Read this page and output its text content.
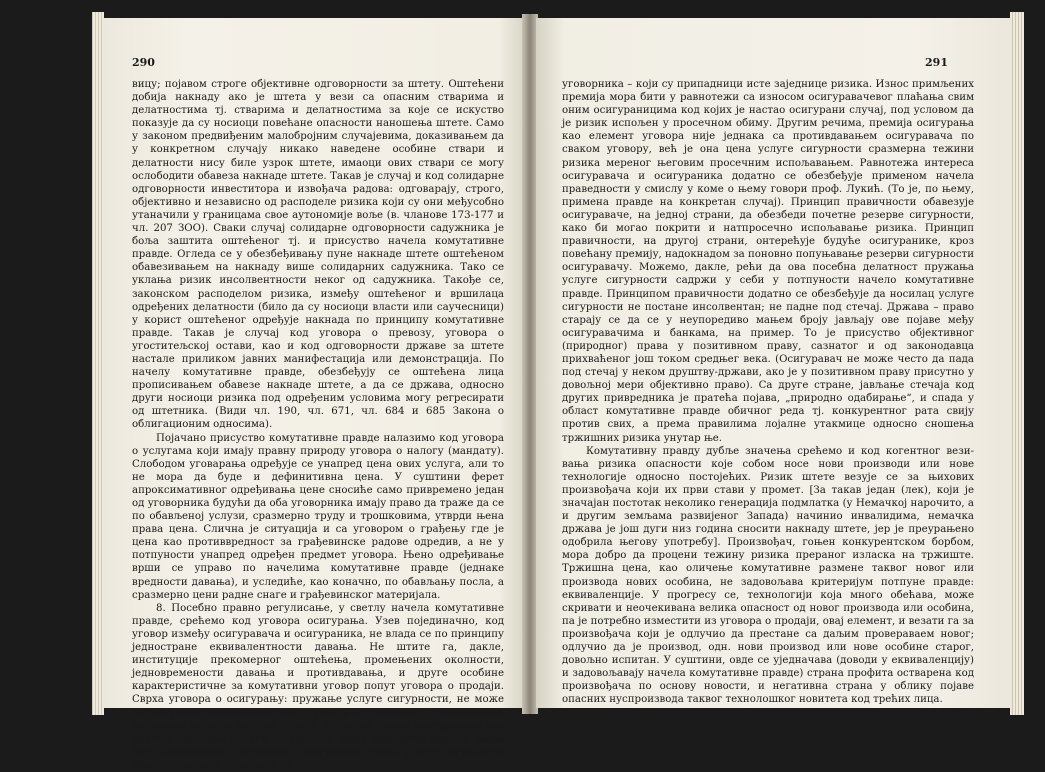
290

вицу; појавом строге објективне одговорности за штету. Оштећени добија накнаду ако је штета у вези са опасним стварима и делатностима тј. стварима и делатностима за које се искуство показује да су носиоци повећане опасности наношења штете. Само у законом предвиђеним малобројним случајевима, доказивањем да у конкретном случају никако наведене особине ствари и делатности нису биле узрок штете, имаоци ових ствари се могу ослободити обавеза накнаде штете. Такав је случај и код солидарне одговорности инвеститора и извођача радова: одговарају, строго, објективно и независно од расподеле ризика који су они међусобно утаначили у границама свое аутономије воље (в. чланове 173-177 и чл. 207 ЗОО). Сваки случај солидарне одговорности садужника је боља заштита оштећеног тј. и присуство начела комутативне правде. Огледа се у обезбеђивању пуне накнаде штете оштећеном обавезивањем на накнаду више солидарних садужника. Тако се уклања ризик инсолвентности неког од садужника. Такође се, законском расподелом ризика, између оштећеног и вршилаца одређених делатности (било да су носиоци власти или саучесници) у корист оштећеног одређује накнада по принципу комутативне правде. Такав је случај код уговора о превозу, уговора о угоститељској остави, као и код одговорности државе за штете настале приликом јавних манифестација или демонстрација. По начелу комутативне правде, обезбеђују се оштећена лица прописивањем обавезе накнаде штете, а да се држава, односно други носиоци ризика под одређеним условима могу регресирати од штетника. (Види чл. 190, чл. 671, чл. 684 и 685 Закона о облигационим односима).

Појачано присуство комутативне правде налазимо код уговора о услугама који имају правну природу уговора о налогу (мандату). Слободом уговарања одређује се унапред цена ових услуга, али то не мора да буде и дефинитивна цена. У суштини ферет апроксимативног одређивања цене сносиће само привремено један од уговорника будући да оба уговорника имају право да траже да се по обављеној услузи, сразмерно труду и трошковима, утврди њена права цена. Слична је ситуација и са уговором о грађењу где је цена као противвредност за грађевинске радове одредив, а не у потпуности унапред одређен предмет уговора. Њено одређивање врши се управо по начелима комутативне правде (једнаке вредности давања), и уследиће, као коначно, по обављању посла, а сразмерно цени радне снаге и грађевинског материјала.

8. Посебно правно регулисање, у светлу начела комутативне правде, срећемо код уговора осигурања. Узев појединачно, код уговор између осигуравача и осигураника, не влада се по принципу једностране еквивалентности давања. Не штите га, дакле, институције прекомерног оштећења, промењених околности, једновремености давања и противдавања, и друге особине карактеристичне за комутативни уговор попут уговора о продаји. Сврха уговора о осигурању: пружање услуге сигурности, не може подразумевати еквивалентност премије и примљеног противдавања по сваком уговору код ове услуге. Међутим, посао осигуравача као целина пружања услуге сигурности једне заједнице ризика, мора бити комутативно постављен. Осигуравач пружа услуге сигурности збиру уговарача – његових са-

291

уговорника – који су припадници исте заједнице ризика. Износ примљених премија мора бити у равнотежи са износом осигуравачевог плаћања свим оним осигураницима код којих је настао осигурани случај, под условом да је ризик испољен у просечном обиму. Другим речима, премија осигурања као елемент уговора није једнака са противдавањем осигуравача по сваком уговору, већ је она цена услуге сигурности сразмерна тежини ризика мереног његовим просечним испољавањем. Равнотежа интереса осигуравача и осигураника додатно се обезбеђује применом начела праведности у смислу у коме о њему говори проф. Лукић. (То је, по њему, примена правде на конкретан случај). Принцип правичности обавезује осигураваче, на једној страни, да обезбеди почетне резерве сигурности, како би могао покрити и натпросечно испољавање ризика. Принцип правичности, на другој страни, онтерећује будуће осигуранике, кроз повећану премију, надокнадом за поновно попуњавање резерви сигурности осигуравачу. Можемо, дакле, рећи да ова посебна делатност пружања услуге сигурности садржи у себи у потпуности начело комутативне правде. Принципом правичности додатно се обезбеђује да носилац услуге сигурности не постане инсолвентан; не падне под стечај. Држава – право старају се да се у неупоредиво мањем броју јављају ове појаве међу осигуравачима и банкама, на пример. То је присуство објективног (природног) права у позитивном праву, сазнатог и од законодавца прихваћеног још током средњег века. (Осигуравач не може често да пада под стечај у неком друштву-држави, ако је у позитивном праву присутно у довољној мери објективно право). Са друге стране, јављање стечаја код других привредника је пратећа појава, „природно одабирање“, и спада у област комутативне правде обичног реда тј. конкурентног рата свију против свих, а према правилима лојалне утакмице односно сношења тржишних ризика унутар ње.

Комутативну правду дубље значења срећемо и код когентног везивања ризика опасности које собом носе нови производи или нове технологије односно постојећих. Ризик штете везује се за њихових произвођача који их први стави у промет. [За такав један (лек), који је значајан постотак неколико генерација подмлатка (у Немачкој нарочито, а и другим земљама развијеног Запада) начинио инвалидима, немачка држава је још дуги низ година сносити накнаду штете, јер је преурањено одобрила његову употребу]. Произвођач, гоњен конкурентском борбом, мора добро да процени тежину ризика преранoг изласка на тржиште. Тржишна цена, као оличење комутативне размене таквог новог или производа нових особина, не задовољава критеријум потпуне правде: еквиваленције. У прогресу се, технологији која много обећава, може скривати и неочекивана велика опасност од новог производа или особина, па је потребно изместити из уговора о продаји, овај елемент, и везати га за произвођача који је одлучио да престане са даљим провераваем новог; одлучио да је производ, одн. нови производ или нове особине старог, довољно испитан. У суштини, овде се уједначава (доводи у еквиваленцију) и задовољавају начела комутативне правде) страна профита остварена код произвођача по основу новости, и негативна страна у облику појаве опасних нуспроизвода таквог технолошког новитета код трећих лица.
